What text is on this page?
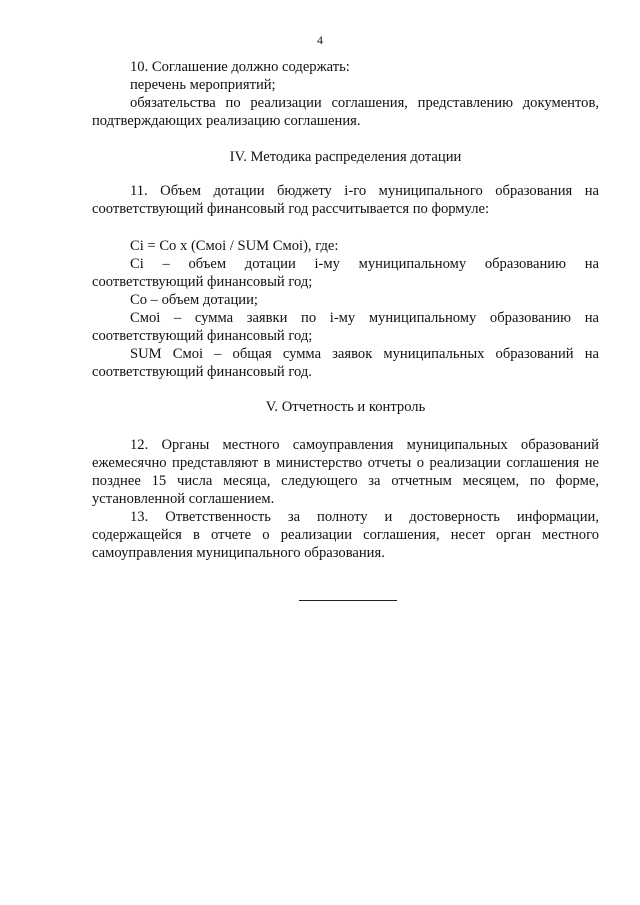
4

10. Соглашение должно содержать:

перечень мероприятий;

обязательства по реализации соглашения, представлению документов, подтверждающих реализацию соглашения.

IV. Методика распределения дотации

11. Объем дотации бюджету i-го муниципального образования на соответствующий финансовый год рассчитывается по формуле:

Ci = Co x (Cмоi / SUM Cмоi), где:

Ci – объем дотации i-му муниципальному образованию на соответствующий финансовый год;

Co – объем дотации;

Cмоi – сумма заявки по i-му муниципальному образованию на соответствующий финансовый год;

SUM Cмоi – общая сумма заявок муниципальных образований на соответствующий финансовый год.

V. Отчетность и контроль

12. Органы местного самоуправления муниципальных образований ежемесячно представляют в министерство отчеты о реализации соглашения не позднее 15 числа месяца, следующего за отчетным месяцем, по форме, установленной соглашением.

13. Ответственность за полноту и достоверность информации, содержащейся в отчете о реализации соглашения, несет орган местного самоуправления муниципального образования.
